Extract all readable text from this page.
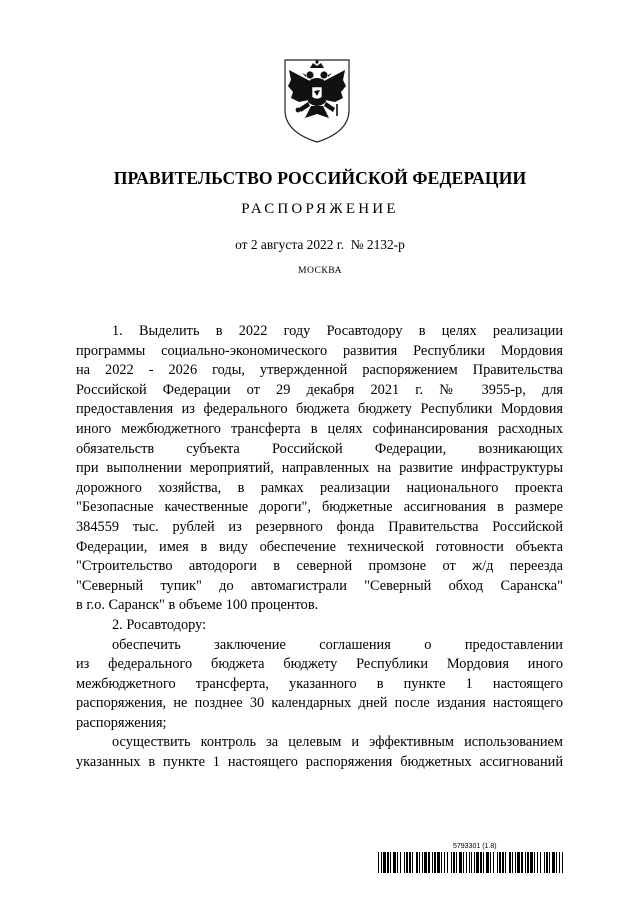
ПРАВИТЕЛЬСТВО РОССИЙСКОЙ ФЕДЕРАЦИИ
РАСПОРЯЖЕНИЕ
от 2 августа 2022 г.  № 2132-р
МОСКВА
1. Выделить в 2022 году Росавтодору в целях реализации
программы социально-экономического развития Республики Мордовия
на 2022 - 2026 годы, утвержденной распоряжением Правительства
Российской Федерации от 29 декабря 2021 г. № 3955-р, для
предоставления из федерального бюджета бюджету Республики Мордовия
иного межбюджетного трансферта в целях софинансирования расходных
обязательств субъекта Российской Федерации, возникающих
при выполнении мероприятий, направленных на развитие инфраструктуры
дорожного хозяйства, в рамках реализации национального проекта
"Безопасные качественные дороги", бюджетные ассигнования в размере
384559 тыс. рублей из резервного фонда Правительства Российской
Федерации, имея в виду обеспечение технической готовности объекта
"Строительство автодороги в северной промзоне от ж/д переезда
"Северный тупик" до автомагистрали "Северный обход Саранска"
в г.о. Саранск" в объеме 100 процентов.
2. Росавтодору:
обеспечить заключение соглашения о предоставлении
из федерального бюджета бюджету Республики Мордовия иного
межбюджетного трансферта, указанного в пункте 1 настоящего
распоряжения, не позднее 30 календарных дней после издания настоящего
распоряжения;
осуществить контроль за целевым и эффективным использованием
указанных в пункте 1 настоящего распоряжения бюджетных ассигнований
5793301 (1.8)
